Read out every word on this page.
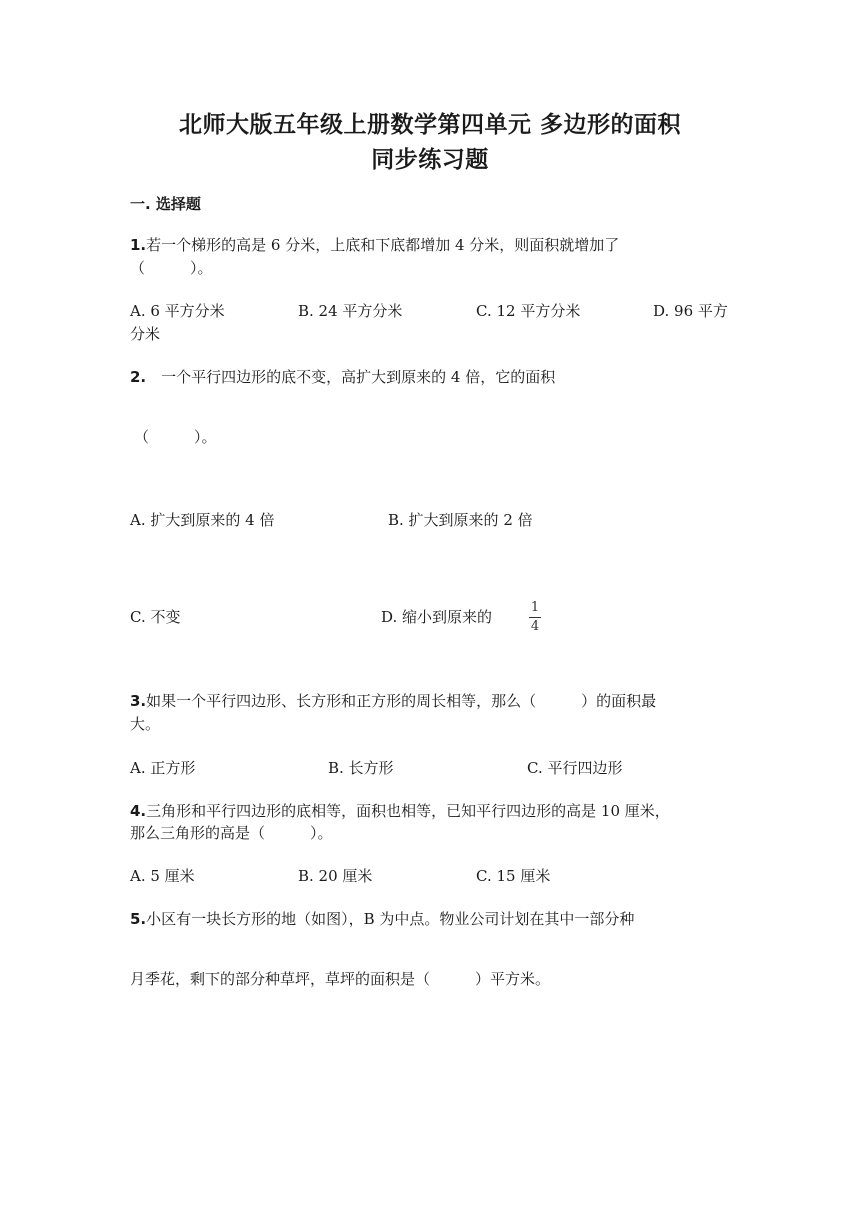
北师大版五年级上册数学第四单元 多边形的面积
同步练习题
一. 选择题
1.若一个梯形的高是 6 分米，上底和下底都增加 4 分米，则面积就增加了
（　　　）。
A. 6 平方分米	B. 24 平方分米	C. 12 平方分米	D. 96 平方
分米
2.　一个平行四边形的底不变，高扩大到原来的 4 倍，它的面积
（　　　）。
A. 扩大到原来的 4 倍	B. 扩大到原来的 2 倍
C. 不变	D. 缩小到原来的
1
4
3.如果一个平行四边形、长方形和正方形的周长相等，那么（　　　）的面积最
大。
A. 正方形	B. 长方形	C. 平行四边形
4.三角形和平行四边形的底相等，面积也相等，已知平行四边形的高是 10 厘米，
那么三角形的高是（　　　）。
A. 5 厘米	B. 20 厘米	C. 15 厘米
5.小区有一块长方形的地（如图），B 为中点。物业公司计划在其中一部分种
月季花，剩下的部分种草坪，草坪的面积是（　　　）平方米。
